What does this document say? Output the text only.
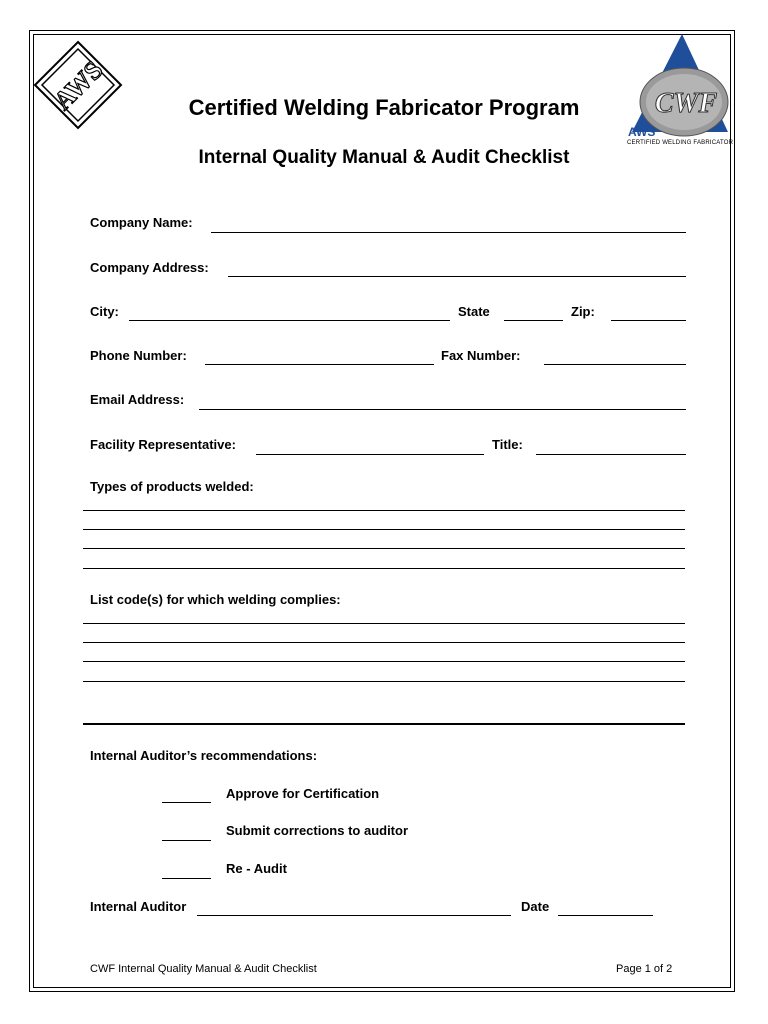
AWS	CWF
AWS
CERTIFIED WELDING FABRICATOR
Certified Welding Fabricator Program
Internal Quality Manual & Audit Checklist
Company Name:
Company Address:
City:	State	Zip:
Phone Number:	Fax Number:
Email Address:
Facility Representative:	Title:
Types of products welded:
List code(s) for which welding complies:
Internal Auditor’s recommendations:
Approve for Certification
Submit corrections to auditor
Re - Audit
Internal Auditor	Date
CWF Internal Quality Manual & Audit Checklist	Page 1 of 2
